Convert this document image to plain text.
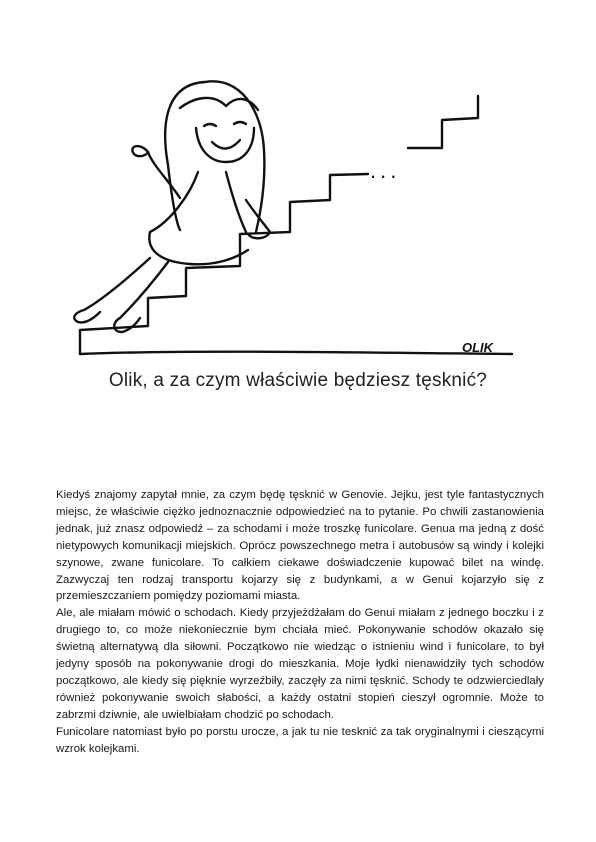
...
OLIK
Olik, a za czym właściwie będziesz tęsknić?

Kiedyś znajomy zapytał mnie, za czym będę tęsknić w Genovie. Jejku, jest tyle fantastycznych miejsc, że właściwie ciężko jednoznacznie odpowiedzieć na to pytanie. Po chwili zastanowienia jednak, już znasz odpowiedź – za schodami i może troszkę funicolare. Genua ma jedną z dość nietypowych komunikacji miejskich. Oprócz powszechnego metra i autobusów są windy i kolejki szynowe, zwane funicolare. To całkiem ciekawe doświadczenie kupować bilet na windę. Zazwyczaj ten rodzaj transportu kojarzy się z budynkami, a w Genui kojarzyło się z przemieszczaniem pomiędzy poziomami miasta.

Ale, ale miałam mówić o schodach. Kiedy przyjeżdżałam do Genui miałam z jednego boczku i z drugiego to, co może niekoniecznie bym chciała mieć. Pokonywanie schodów okazało się świetną alternatywą dla siłowni. Początkowo nie wiedząc o istnieniu wind i funicolare, to był jedyny sposób na pokonywanie drogi do mieszkania. Moje łydki nienawidziły tych schodów początkowo, ale kiedy się pięknie wyrzeźbiły, zaczęły za nimi tęsknić. Schody te odzwierciedlały również pokonywanie swoich słabości, a każdy ostatni stopień cieszył ogromnie. Może to zabrzmi dziwnie, ale uwielbiałam chodzić po schodach.

Funicolare natomiast było po porstu urocze, a jak tu nie tesknić za tak oryginalnymi i cieszącymi wzrok kolejkami.
